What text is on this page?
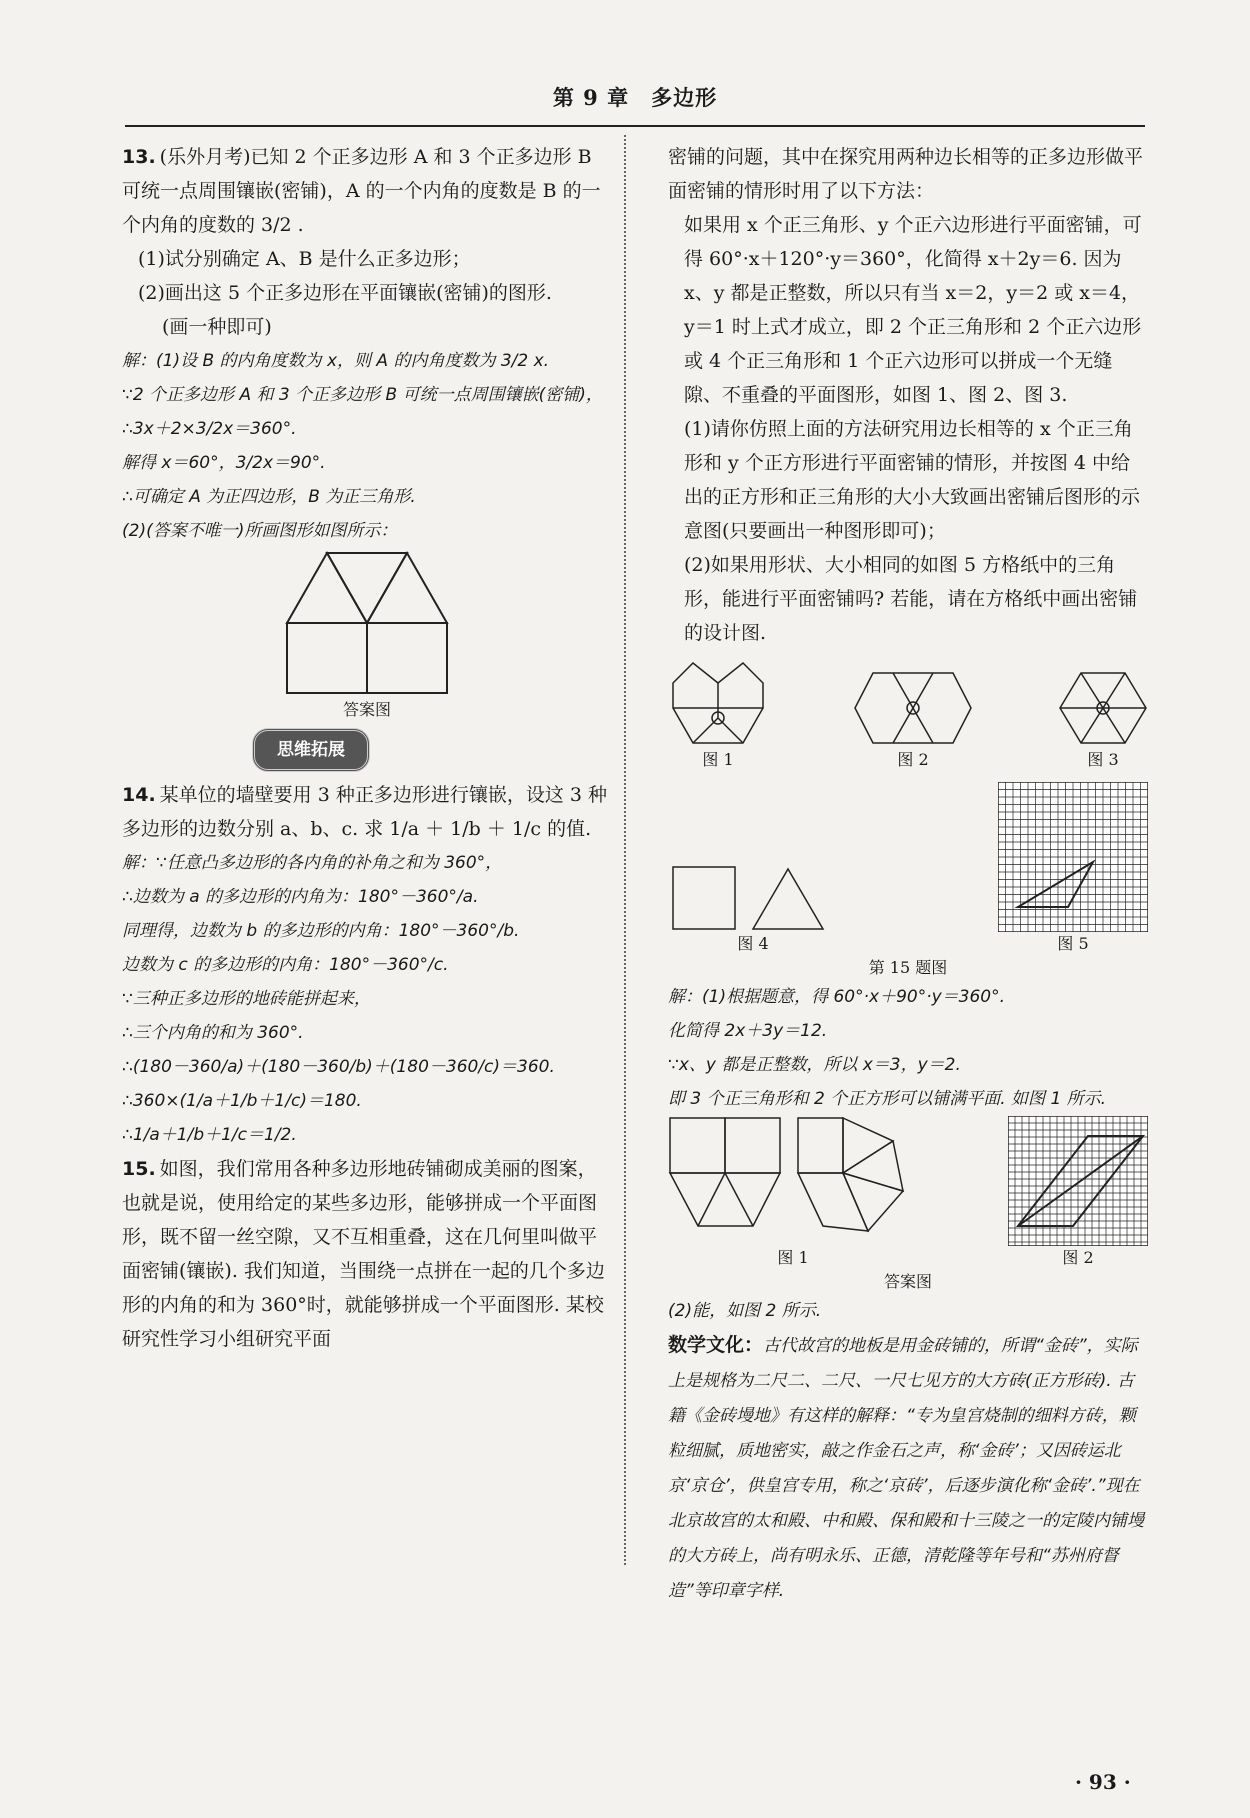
第 9 章　多边形

13. (乐外月考)已知 2 个正多边形 A 和 3 个正多边形 B 可统一点周围镶嵌(密铺)，A 的一个内角的度数是 B 的一个内角的度数的 3/2 .

(1)试分别确定 A、B 是什么正多边形；

(2)画出这 5 个正多边形在平面镶嵌(密铺)的图形.

(画一种即可)

解：(1)设 B 的内角度数为 x，则 A 的内角度数为 3/2 x.

∵2 个正多边形 A 和 3 个正多边形 B 可统一点周围镶嵌(密铺)，

∴3x＋2×3/2x＝360°.

解得 x＝60°，3/2x＝90°.

∴可确定 A 为正四边形，B 为正三角形.

(2)(答案不唯一)所画图形如图所示：

答案图
思维拓展

14. 某单位的墙壁要用 3 种正多边形进行镶嵌，设这 3 种多边形的边数分别 a、b、c. 求 1/a ＋ 1/b ＋ 1/c 的值.

解：∵任意凸多边形的各内角的补角之和为 360°，

∴边数为 a 的多边形的内角为：180°－360°/a.

同理得，边数为 b 的多边形的内角：180°－360°/b.

边数为 c 的多边形的内角：180°－360°/c.

∵三种正多边形的地砖能拼起来，

∴三个内角的和为 360°.

∴(180－360/a)＋(180－360/b)＋(180－360/c)＝360.

∴360×(1/a＋1/b＋1/c)＝180.

∴1/a＋1/b＋1/c＝1/2.

15. 如图，我们常用各种多边形地砖铺砌成美丽的图案，也就是说，使用给定的某些多边形，能够拼成一个平面图形，既不留一丝空隙，又不互相重叠，这在几何里叫做平面密铺(镶嵌). 我们知道，当围绕一点拼在一起的几个多边形的内角的和为 360°时，就能够拼成一个平面图形. 某校研究性学习小组研究平面

密铺的问题，其中在探究用两种边长相等的正多边形做平面密铺的情形时用了以下方法：

如果用 x 个正三角形、y 个正六边形进行平面密铺，可得 60°·x＋120°·y＝360°，化简得 x＋2y＝6. 因为 x、y 都是正整数，所以只有当 x＝2，y＝2 或 x＝4，y＝1 时上式才成立，即 2 个正三角形和 2 个正六边形或 4 个正三角形和 1 个正六边形可以拼成一个无缝隙、不重叠的平面图形，如图 1、图 2、图 3.

(1)请你仿照上面的方法研究用边长相等的 x 个正三角形和 y 个正方形进行平面密铺的情形，并按图 4 中给出的正方形和正三角形的大小大致画出密铺后图形的示意图(只要画出一种图形即可)；

(2)如果用形状、大小相同的如图 5 方格纸中的三角形，能进行平面密铺吗? 若能，请在方格纸中画出密铺的设计图.

图 1	图 2	图 3
图 4	图 5
第 15 题图

解：(1)根据题意，得 60°·x＋90°·y＝360°.

化简得 2x＋3y＝12.

∵x、y 都是正整数，所以 x＝3，y＝2.

即 3 个正三角形和 2 个正方形可以铺满平面. 如图 1 所示.

图 1	图 2
答案图

(2)能，如图 2 所示.

数学文化：古代故宫的地板是用金砖铺的，所谓“金砖”，实际上是规格为二尺二、二尺、一尺七见方的大方砖(正方形砖). 古籍《金砖墁地》有这样的解释：“专为皇宫烧制的细料方砖，颗粒细腻，质地密实，敲之作金石之声，称‘金砖’；又因砖运北京‘京仓’，供皇宫专用，称之‘京砖’，后逐步演化称‘金砖’.”现在北京故宫的太和殿、中和殿、保和殿和十三陵之一的定陵内铺墁的大方砖上，尚有明永乐、正德，清乾隆等年号和“苏州府督造”等印章字样.

· 93 ·
